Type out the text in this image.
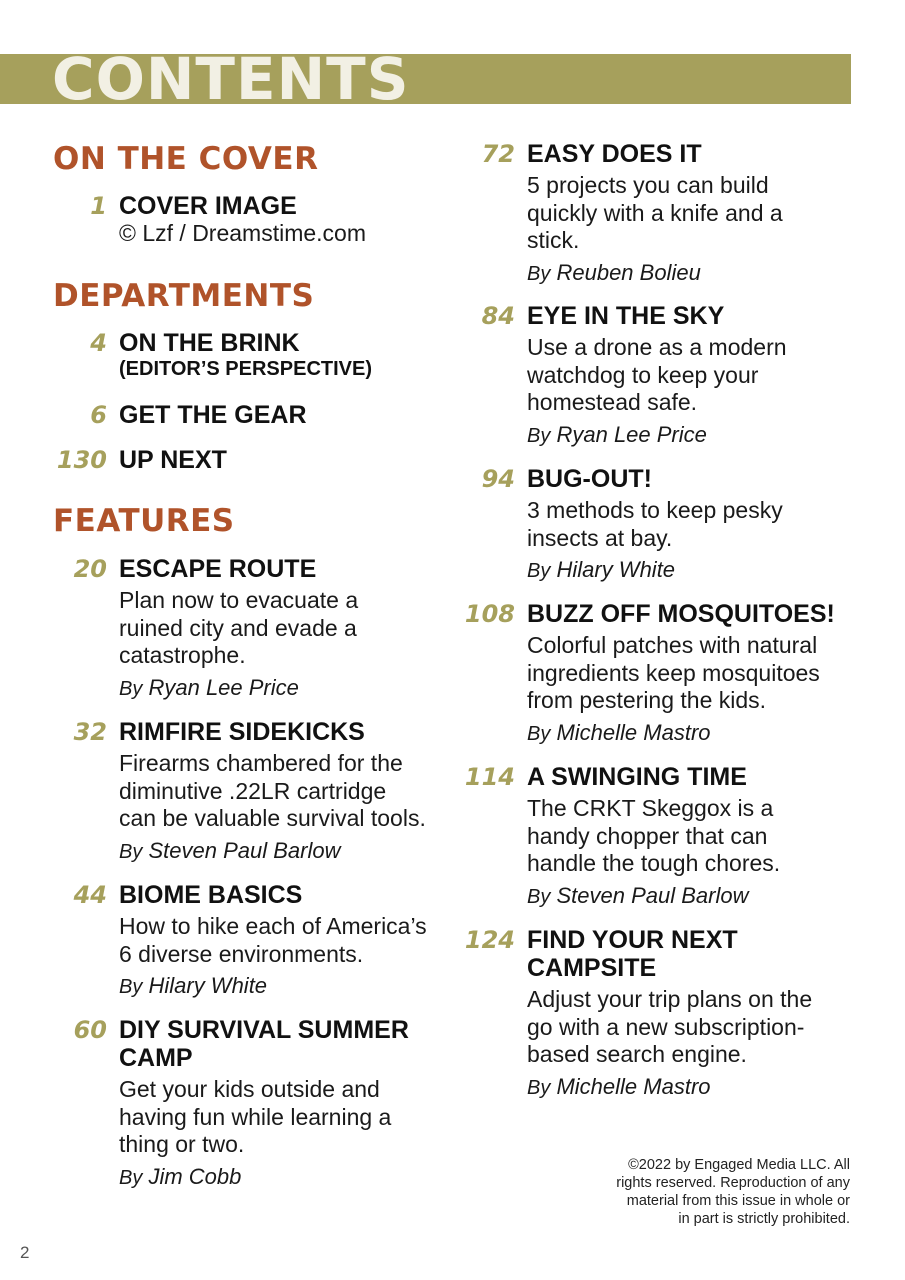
CONTENTS
ON THE COVER
DEPARTMENTS
FEATURES
1 COVER IMAGE
© Lzf / Dreamstime.com
4 ON THE BRINK
(EDITOR’S PERSPECTIVE)
6 GET THE GEAR
130 UP NEXT
20 ESCAPE ROUTE
Plan now to evacuate a
ruined city and evade a
catastrophe.
By Ryan Lee Price
32 RIMFIRE SIDEKICKS
Firearms chambered for the
diminutive .22LR cartridge
can be valuable survival tools.
By Steven Paul Barlow
44 BIOME BASICS
How to hike each of America’s
6 diverse environments.
By Hilary White
60 DIY SURVIVAL SUMMER
CAMP
Get your kids outside and
having fun while learning a
thing or two.
By Jim Cobb
72 EASY DOES IT
5 projects you can build
quickly with a knife and a
stick.
By Reuben Bolieu
84 EYE IN THE SKY
Use a drone as a modern
watchdog to keep your
homestead safe.
By Ryan Lee Price
94 BUG-OUT!
3 methods to keep pesky
insects at bay.
By Hilary White
108 BUZZ OFF MOSQUITOES!
Colorful patches with natural
ingredients keep mosquitoes
from pestering the kids.
By Michelle Mastro
114 A SWINGING TIME
The CRKT Skeggox is a
handy chopper that can
handle the tough chores.
By Steven Paul Barlow
124 FIND YOUR NEXT
CAMPSITE
Adjust your trip plans on the
go with a new subscription-
based search engine.
By Michelle Mastro
©2022 by Engaged Media LLC. All
rights reserved. Reproduction of any
material from this issue in whole or
in part is strictly prohibited.

2
